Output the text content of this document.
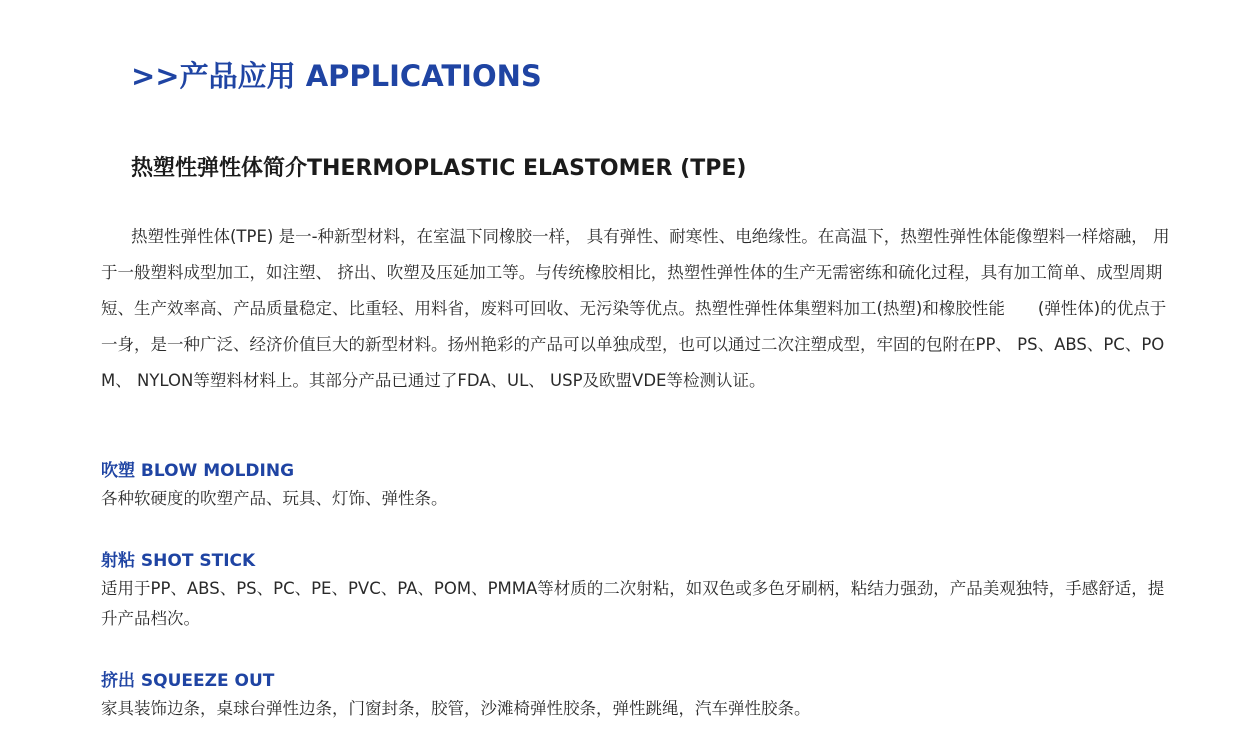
>>产品应用 APPLICATIONS
热塑性弹性体简介THERMOPLASTIC ELASTOMER (TPE)

热塑性弹性体(TPE) 是一-种新型材料，在室温下同橡胶一样， 具有弹性、耐寒性、电绝缘性。在高温下，热塑性弹性体能像塑料一样熔融， 用于一般塑料成型加工，如注塑、 挤出、吹塑及压延加工等。与传统橡胶相比，热塑性弹性体的生产无需密练和硫化过程，具有加工简单、成型周期短、生产效率高、产品质量稳定、比重轻、用料省，废料可回收、无污染等优点。热塑性弹性体集塑料加工(热塑)和橡胶性能　　(弹性体)的优点于一身，是一种广泛、经济价值巨大的新型材料。扬州艳彩的产品可以单独成型，也可以通过二次注塑成型，牢固的包附在PP、 PS、ABS、PC、POM、 NYLON等塑料材料上。其部分产品已通过了FDA、UL、 USP及欧盟VDE等检测认证。

吹塑 BLOW MOLDING

各种软硬度的吹塑产品、玩具、灯饰、弹性条。

射粘 SHOT STICK

适用于PP、ABS、PS、PC、PE、PVC、PA、POM、PMMA等材质的二次射粘，如双色或多色牙刷柄，粘结力强劲，产品美观独特，手感舒适，提升产品档次。

挤出 SQUEEZE OUT

家具装饰边条，桌球台弹性边条，门窗封条，胶管，沙滩椅弹性胶条，弹性跳绳，汽车弹性胶条。
